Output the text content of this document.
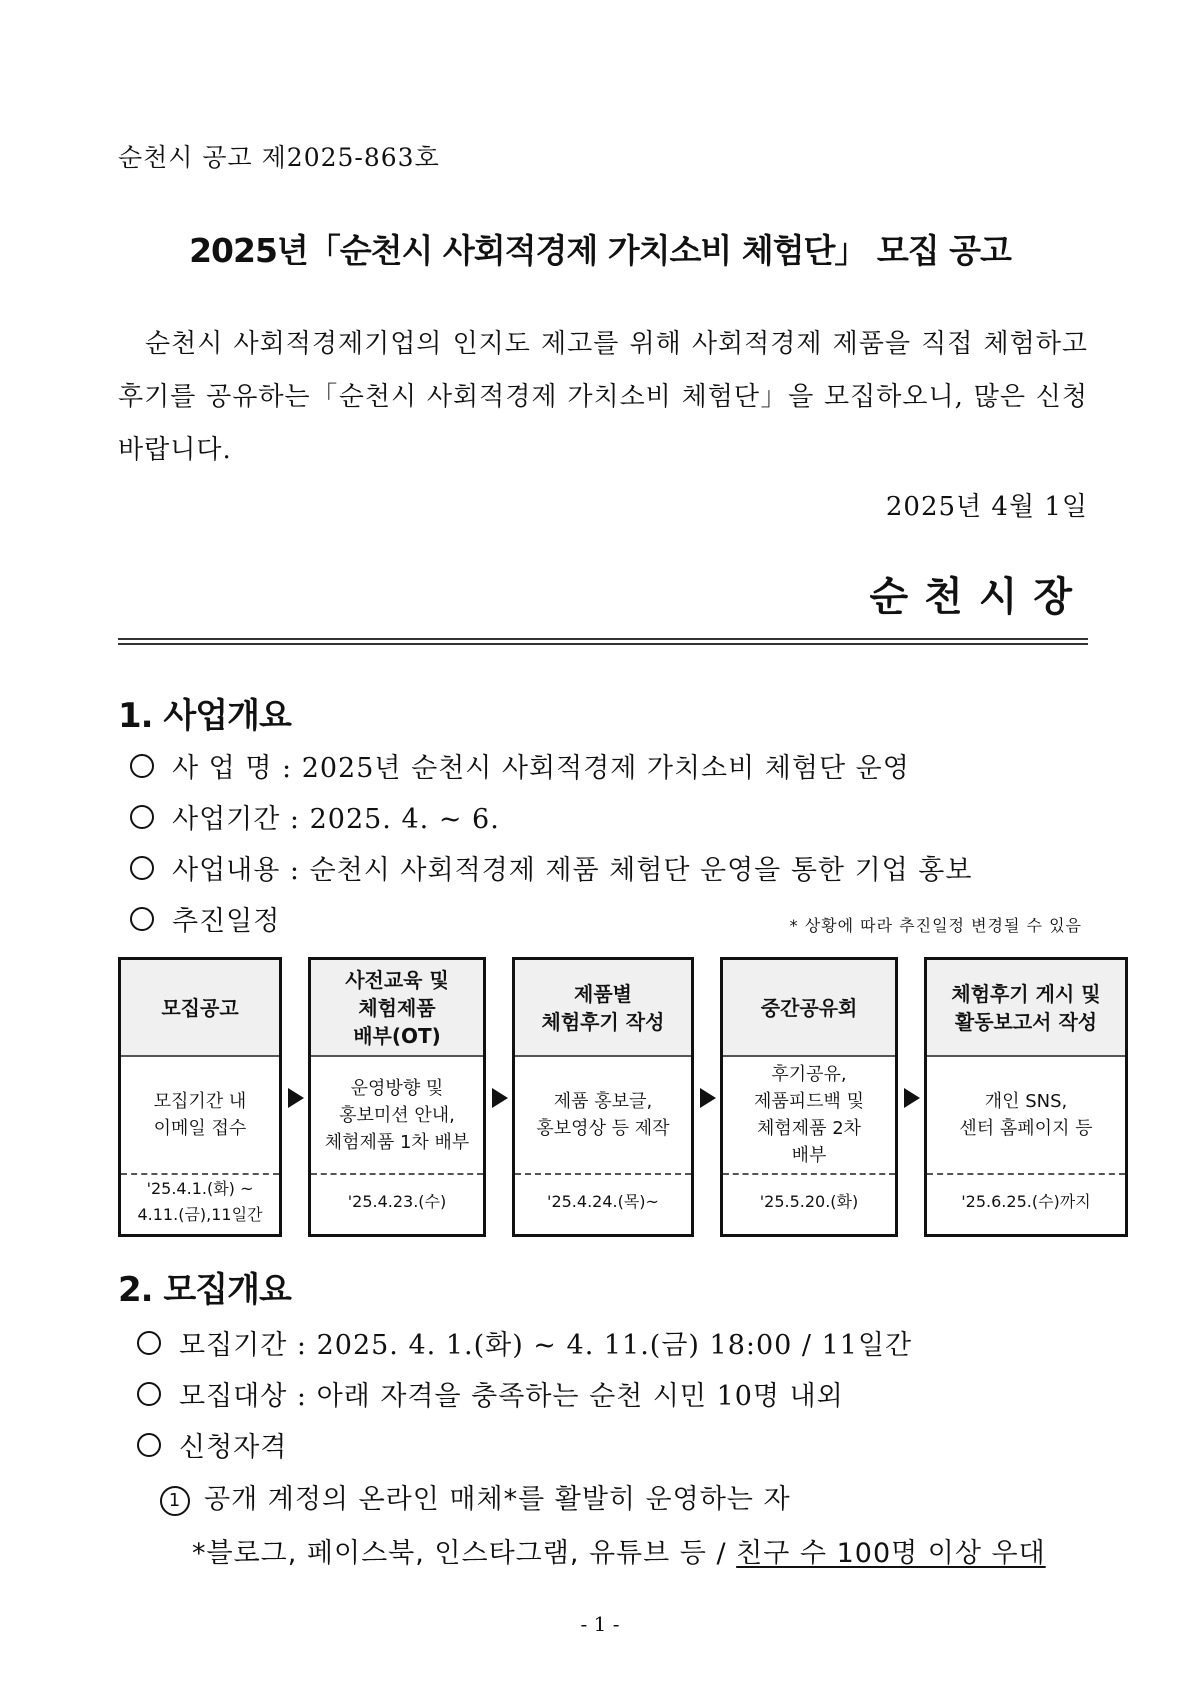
순천시 공고 제2025-863호
2025년「순천시 사회적경제 가치소비 체험단」 모집 공고
순천시 사회적경제기업의 인지도 제고를 위해 사회적경제 제품을 직접 체험하고 후기를 공유하는「순천시 사회적경제 가치소비 체험단」을 모집하오니, 많은 신청 바랍니다.
2025년 4월 1일
순천시장
1. 사업개요
사 업 명 : 2025년 순천시 사회적경제 가치소비 체험단 운영
사업기간 : 2025. 4. ~ 6.
사업내용 : 순천시 사회적경제 제품 체험단 운영을 통한 기업 홍보
추진일정	* 상황에 따라 추진일정 변경될 수 있음
모집공고
모집기간 내
이메일 접수
'25.4.1.(화) ~
4.11.(금),11일간
사전교육 및
체험제품
배부(OT)
운영방향 및
홍보미션 안내,
체험제품 1차 배부
'25.4.23.(수)
제품별
체험후기 작성
제품 홍보글,
홍보영상 등 제작
'25.4.24.(목)~
중간공유회
후기공유,
제품피드백 및
체험제품 2차
배부
'25.5.20.(화)
체험후기 게시 및
활동보고서 작성
개인 SNS,
센터 홈페이지 등
'25.6.25.(수)까지
2. 모집개요
모집기간 : 2025. 4. 1.(화) ~ 4. 11.(금) 18:00 / 11일간
모집대상 : 아래 자격을 충족하는 순천 시민 10명 내외
신청자격
1 공개 계정의 온라인 매체*를 활발히 운영하는 자
*블로그, 페이스북, 인스타그램, 유튜브 등 / 친구 수 100명 이상 우대
- 1 -
